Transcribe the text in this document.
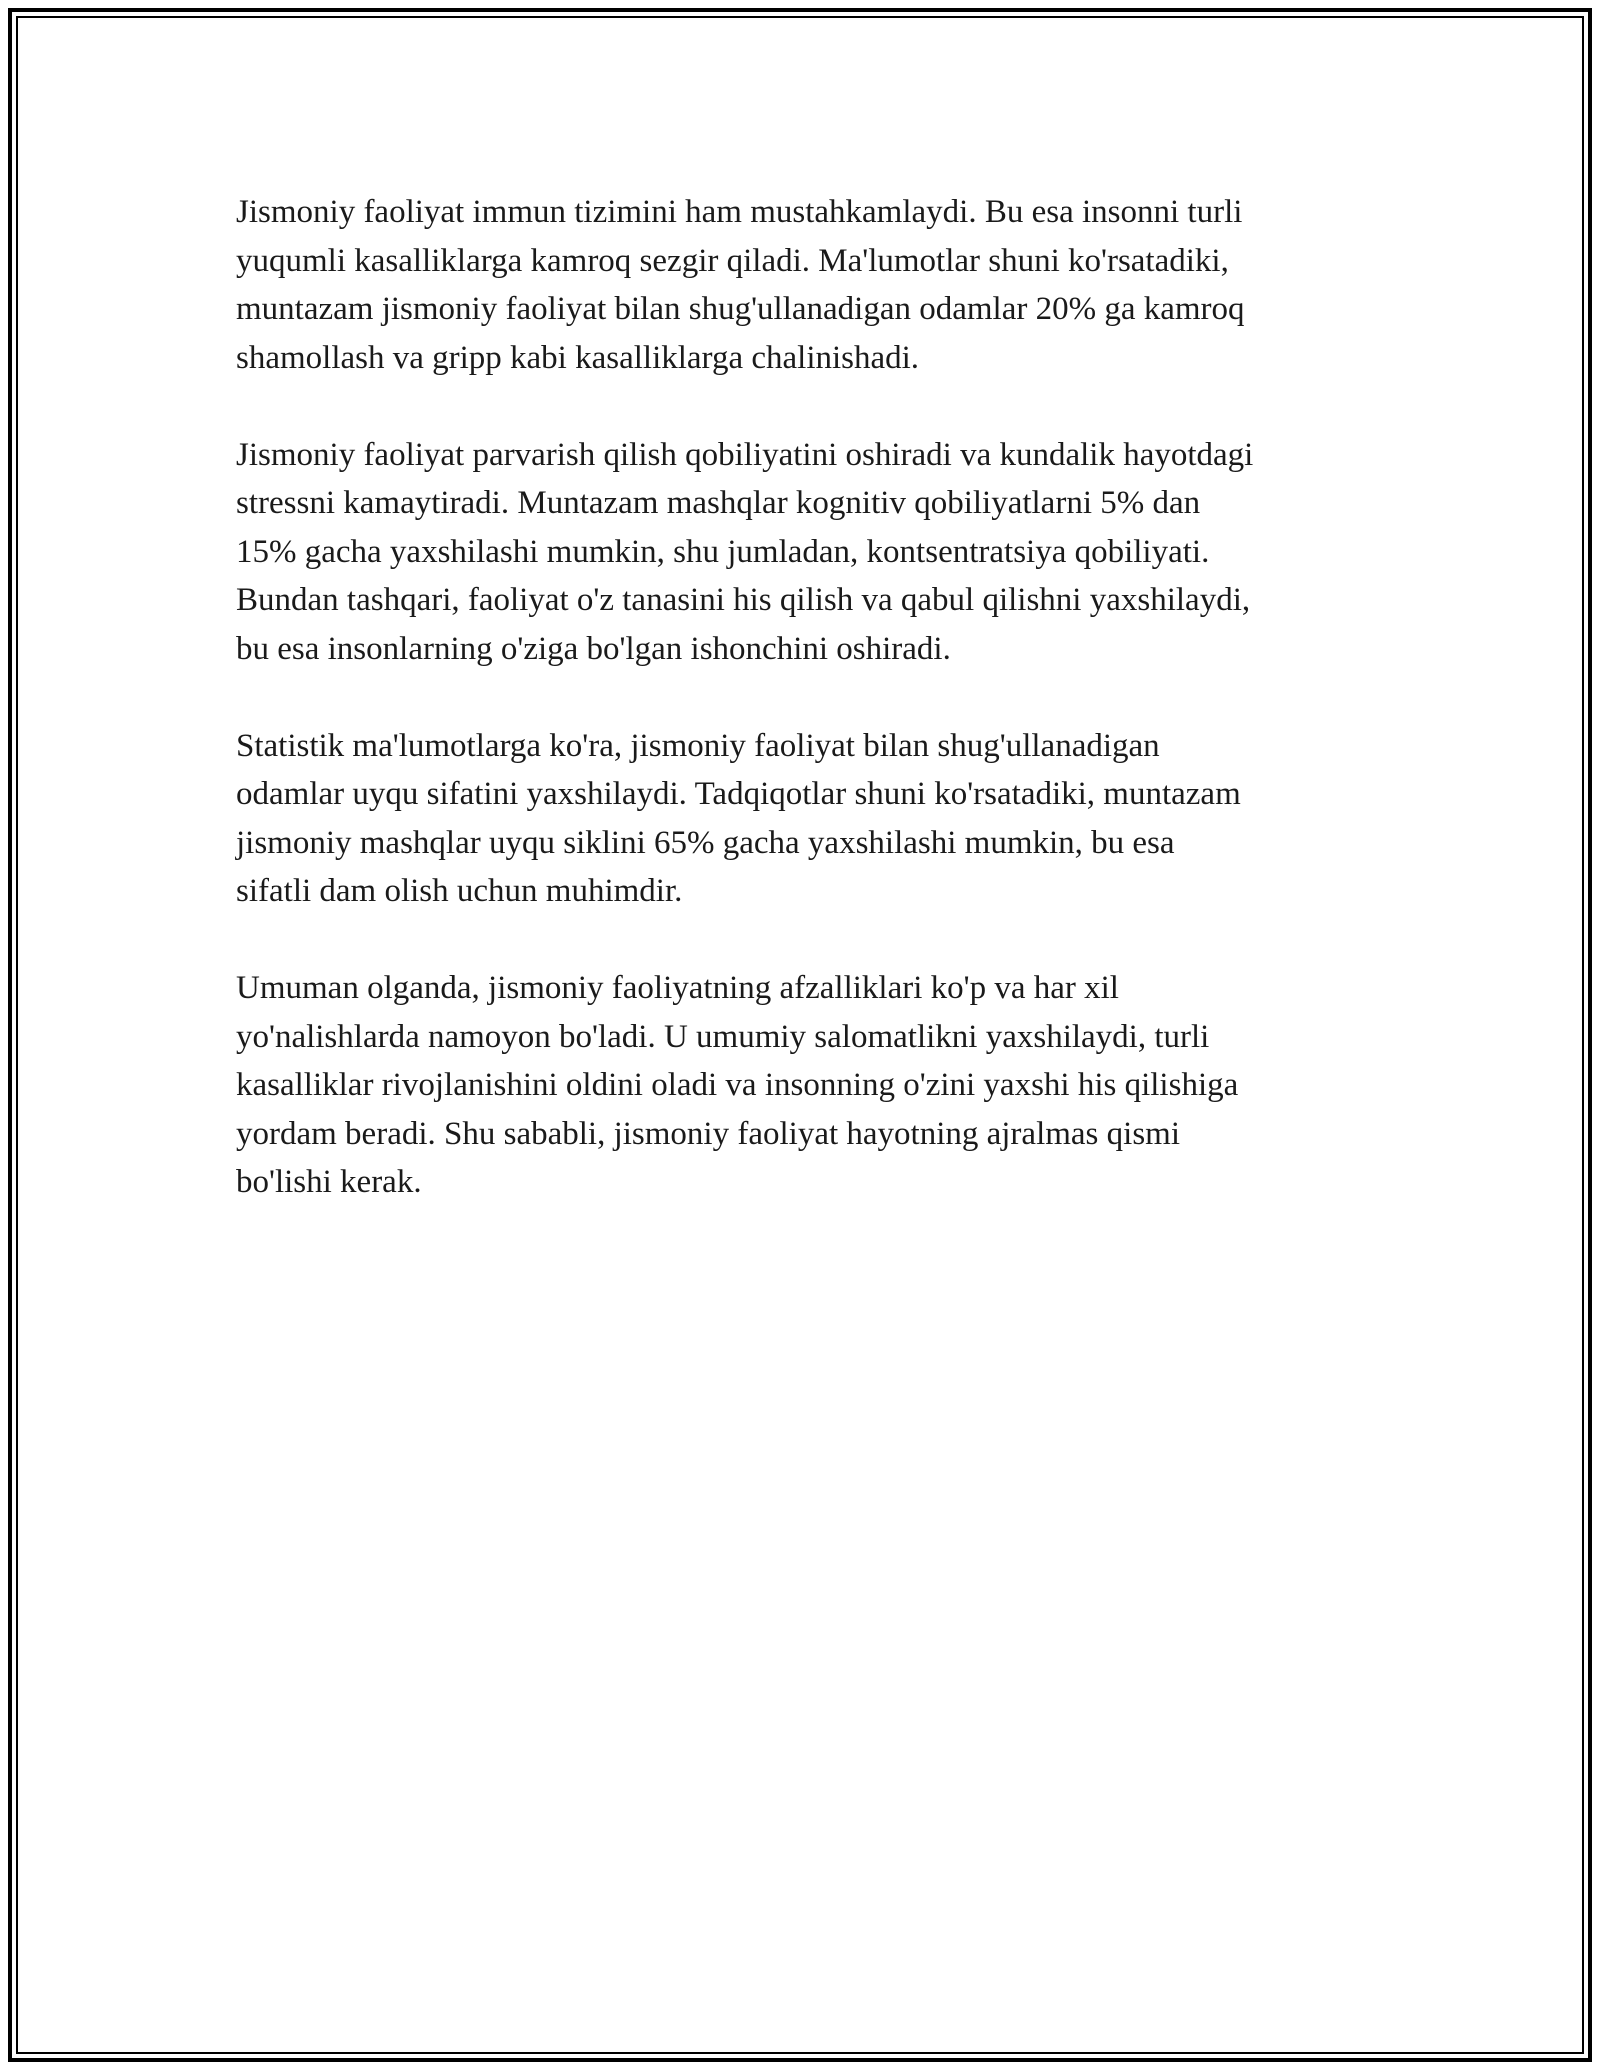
Jismoniy faoliyat immun tizimini ham mustahkamlaydi. Bu esa insonni turli
yuqumli kasalliklarga kamroq sezgir qiladi. Ma'lumotlar shuni ko'rsatadiki,
muntazam jismoniy faoliyat bilan shug'ullanadigan odamlar 20% ga kamroq
shamollash va gripp kabi kasalliklarga chalinishadi.

Jismoniy faoliyat parvarish qilish qobiliyatini oshiradi va kundalik hayotdagi
stressni kamaytiradi. Muntazam mashqlar kognitiv qobiliyatlarni 5% dan
15% gacha yaxshilashi mumkin, shu jumladan, kontsentratsiya qobiliyati.
Bundan tashqari, faoliyat o'z tanasini his qilish va qabul qilishni yaxshilaydi,
bu esa insonlarning o'ziga bo'lgan ishonchini oshiradi.

Statistik ma'lumotlarga ko'ra, jismoniy faoliyat bilan shug'ullanadigan
odamlar uyqu sifatini yaxshilaydi. Tadqiqotlar shuni ko'rsatadiki, muntazam
jismoniy mashqlar uyqu siklini 65% gacha yaxshilashi mumkin, bu esa
sifatli dam olish uchun muhimdir.

Umuman olganda, jismoniy faoliyatning afzalliklari ko'p va har xil
yo'nalishlarda namoyon bo'ladi. U umumiy salomatlikni yaxshilaydi, turli
kasalliklar rivojlanishini oldini oladi va insonning o'zini yaxshi his qilishiga
yordam beradi. Shu sababli, jismoniy faoliyat hayotning ajralmas qismi
bo'lishi kerak.
